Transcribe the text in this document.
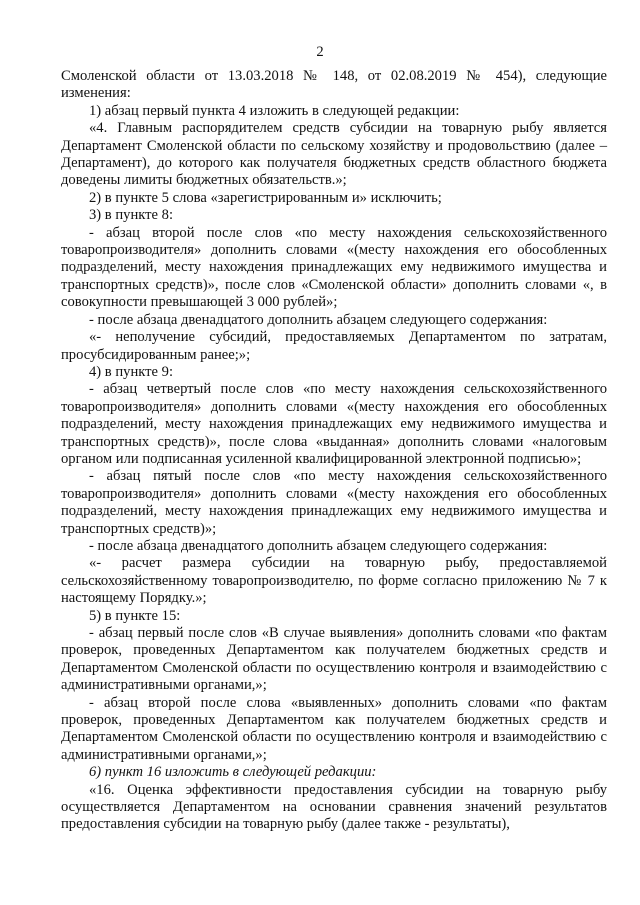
2

Смоленской области от 13.03.2018 № 148, от 02.08.2019 № 454), следующие изменения:

1) абзац первый пункта 4 изложить в следующей редакции:

«4. Главным распорядителем средств субсидии на товарную рыбу является Департамент Смоленской области по сельскому хозяйству и продовольствию (далее – Департамент), до которого как получателя бюджетных средств областного бюджета доведены лимиты бюджетных обязательств.»;

2) в пункте 5 слова «зарегистрированным и» исключить;

3) в пункте 8:

- абзац второй после слов «по месту нахождения сельскохозяйственного товаропроизводителя» дополнить словами «(месту нахождения его обособленных подразделений, месту нахождения принадлежащих ему недвижимого имущества и транспортных средств)», после слов «Смоленской области» дополнить словами «, в совокупности превышающей 3 000 рублей»;

- после абзаца двенадцатого дополнить абзацем следующего содержания:

«- неполучение субсидий, предоставляемых Департаментом по затратам, просубсидированным ранее;»;

4) в пункте 9:

- абзац четвертый после слов «по месту нахождения сельскохозяйственного товаропроизводителя» дополнить словами «(месту нахождения его обособленных подразделений, месту нахождения принадлежащих ему недвижимого имущества и транспортных средств)», после слова «выданная» дополнить словами «налоговым органом или подписанная усиленной квалифицированной электронной подписью»;

- абзац пятый после слов «по месту нахождения сельскохозяйственного товаропроизводителя» дополнить словами «(месту нахождения его обособленных подразделений, месту нахождения принадлежащих ему недвижимого имущества и транспортных средств)»;

- после абзаца двенадцатого дополнить абзацем следующего содержания:

«- расчет размера субсидии на товарную рыбу, предоставляемой сельскохозяйственному товаропроизводителю, по форме согласно приложению № 7 к настоящему Порядку.»;

5) в пункте 15:

- абзац первый после слов «В случае выявления» дополнить словами «по фактам проверок, проведенных Департаментом как получателем бюджетных средств и Департаментом Смоленской области по осуществлению контроля и взаимодействию с административными органами,»;

- абзац второй после слова «выявленных» дополнить словами «по фактам проверок, проведенных Департаментом как получателем бюджетных средств и Департаментом Смоленской области по осуществлению контроля и взаимодействию с административными органами,»;

6) пункт 16 изложить в следующей редакции:

«16. Оценка эффективности предоставления субсидии на товарную рыбу осуществляется Департаментом на основании сравнения значений результатов предоставления субсидии на товарную рыбу (далее также - результаты),
